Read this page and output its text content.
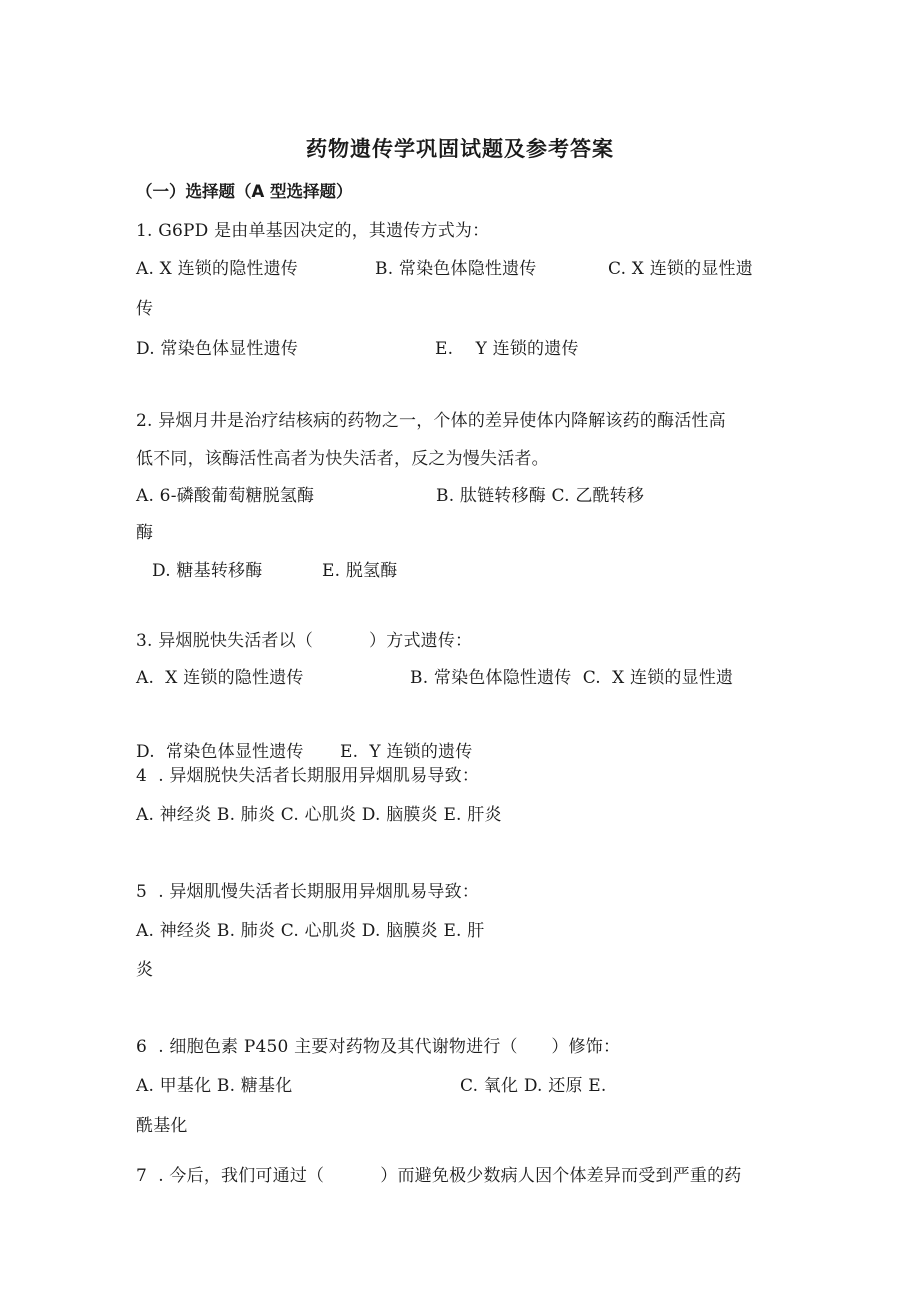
药物遗传学巩固试题及参考答案
（一）选择题（A 型选择题）
1. G6PD 是由单基因决定的，其遗传方式为：
A. X 连锁的隐性遗传	B. 常染色体隐性遗传	C. X 连锁的显性遗
传
D. 常染色体显性遗传	E.    Y 连锁的遗传
2. 异烟月井是治疗结核病的药物之一，个体的差异使体内降解该药的酶活性高
低不同，该酶活性高者为快失活者，反之为慢失活者。
A. 6-磷酸葡萄糖脱氢酶	B. 肽链转移酶 C. 乙酰转移
酶
D. 糖基转移酶	E. 脱氢酶
3. 异烟脱快失活者以（          ）方式遗传：
A.  X 连锁的隐性遗传	B. 常染色体隐性遗传  C.  X 连锁的显性遗
D.  常染色体显性遗传 E.  Y 连锁的遗传
4  . 异烟脱快失活者长期服用异烟肌易导致：
A. 神经炎 B. 肺炎 C. 心肌炎 D. 脑膜炎 E. 肝炎
5  . 异烟肌慢失活者长期服用异烟肌易导致：
A. 神经炎 B. 肺炎 C. 心肌炎 D. 脑膜炎 E. 肝
炎
6  . 细胞色素 P450 主要对药物及其代谢物进行（      ）修饰：
A. 甲基化 B. 糖基化	C. 氧化 D. 还原 E.
酰基化
7  . 今后，我们可通过（          ）而避免极少数病人因个体差异而受到严重的药
